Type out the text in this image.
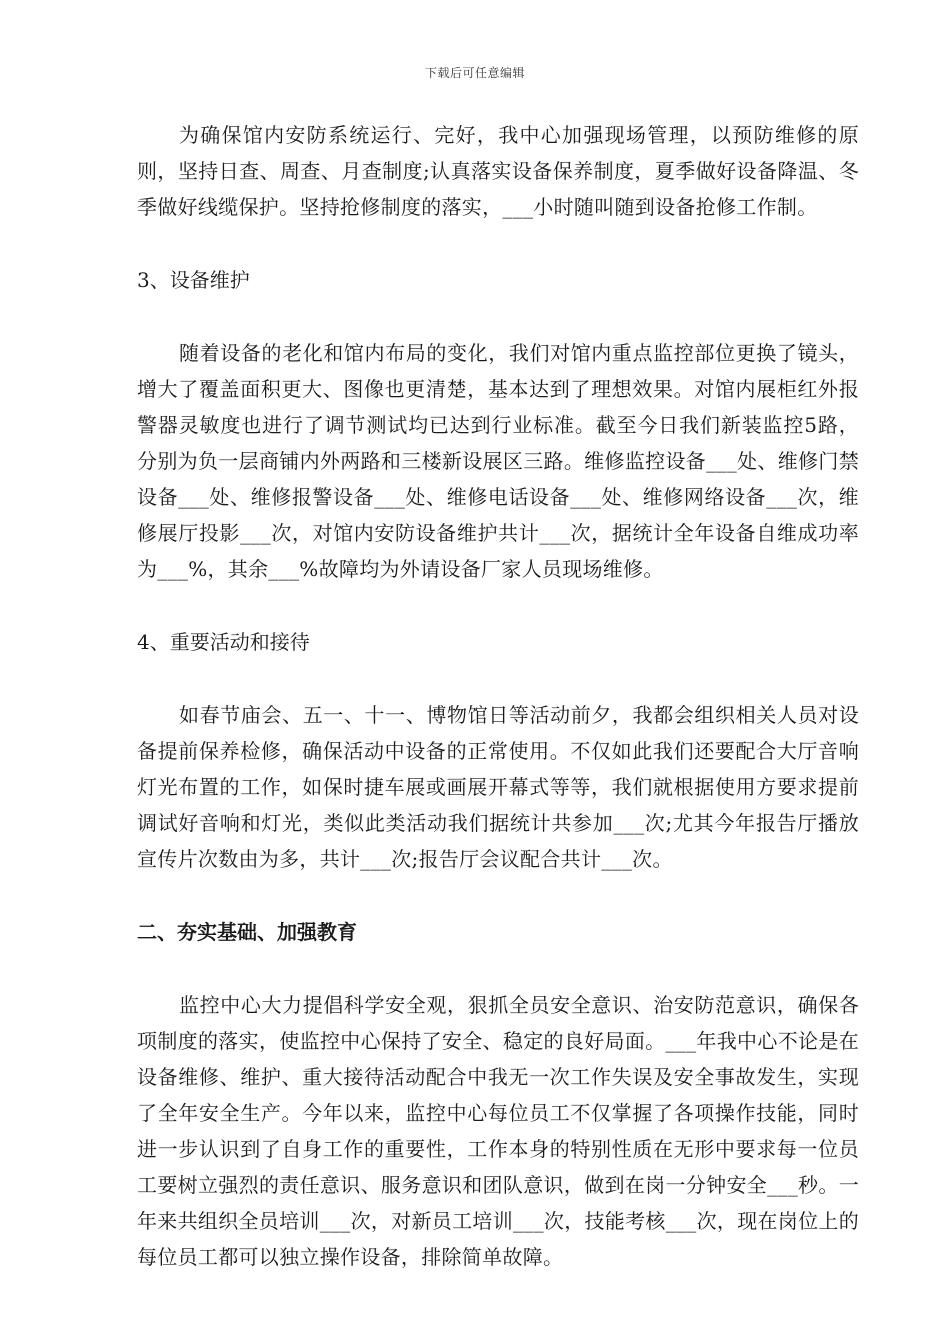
下载后可任意编辑

为确保馆内安防系统运行、完好，我中心加强现场管理，以预防维修的原则，坚持日查、周查、月查制度;认真落实设备保养制度，夏季做好设备降温、冬季做好线缆保护。坚持抢修制度的落实，___小时随叫随到设备抢修工作制。

3、设备维护

随着设备的老化和馆内布局的变化，我们对馆内重点监控部位更换了镜头，增大了覆盖面积更大、图像也更清楚，基本达到了理想效果。对馆内展柜红外报警器灵敏度也进行了调节测试均已达到行业标准。截至今日我们新装监控5路，分别为负一层商铺内外两路和三楼新设展区三路。维修监控设备___处、维修门禁设备___处、维修报警设备___处、维修电话设备___处、维修网络设备___次，维修展厅投影___次，对馆内安防设备维护共计___次，据统计全年设备自维成功率为___%，其余___%故障均为外请设备厂家人员现场维修。

4、重要活动和接待

如春节庙会、五一、十一、博物馆日等活动前夕，我都会组织相关人员对设备提前保养检修，确保活动中设备的正常使用。不仅如此我们还要配合大厅音响灯光布置的工作，如保时捷车展或画展开幕式等等，我们就根据使用方要求提前调试好音响和灯光，类似此类活动我们据统计共参加___次;尤其今年报告厅播放宣传片次数由为多，共计___次;报告厅会议配合共计___次。

二、夯实基础、加强教育

监控中心大力提倡科学安全观，狠抓全员安全意识、治安防范意识，确保各项制度的落实，使监控中心保持了安全、稳定的良好局面。___年我中心不论是在设备维修、维护、重大接待活动配合中我无一次工作失误及安全事故发生，实现了全年安全生产。今年以来，监控中心每位员工不仅掌握了各项操作技能，同时进一步认识到了自身工作的重要性，工作本身的特别性质在无形中要求每一位员工要树立强烈的责任意识、服务意识和团队意识，做到在岗一分钟安全___秒。一年来共组织全员培训___次，对新员工培训___次，技能考核___次，现在岗位上的每位员工都可以独立操作设备，排除简单故障。
